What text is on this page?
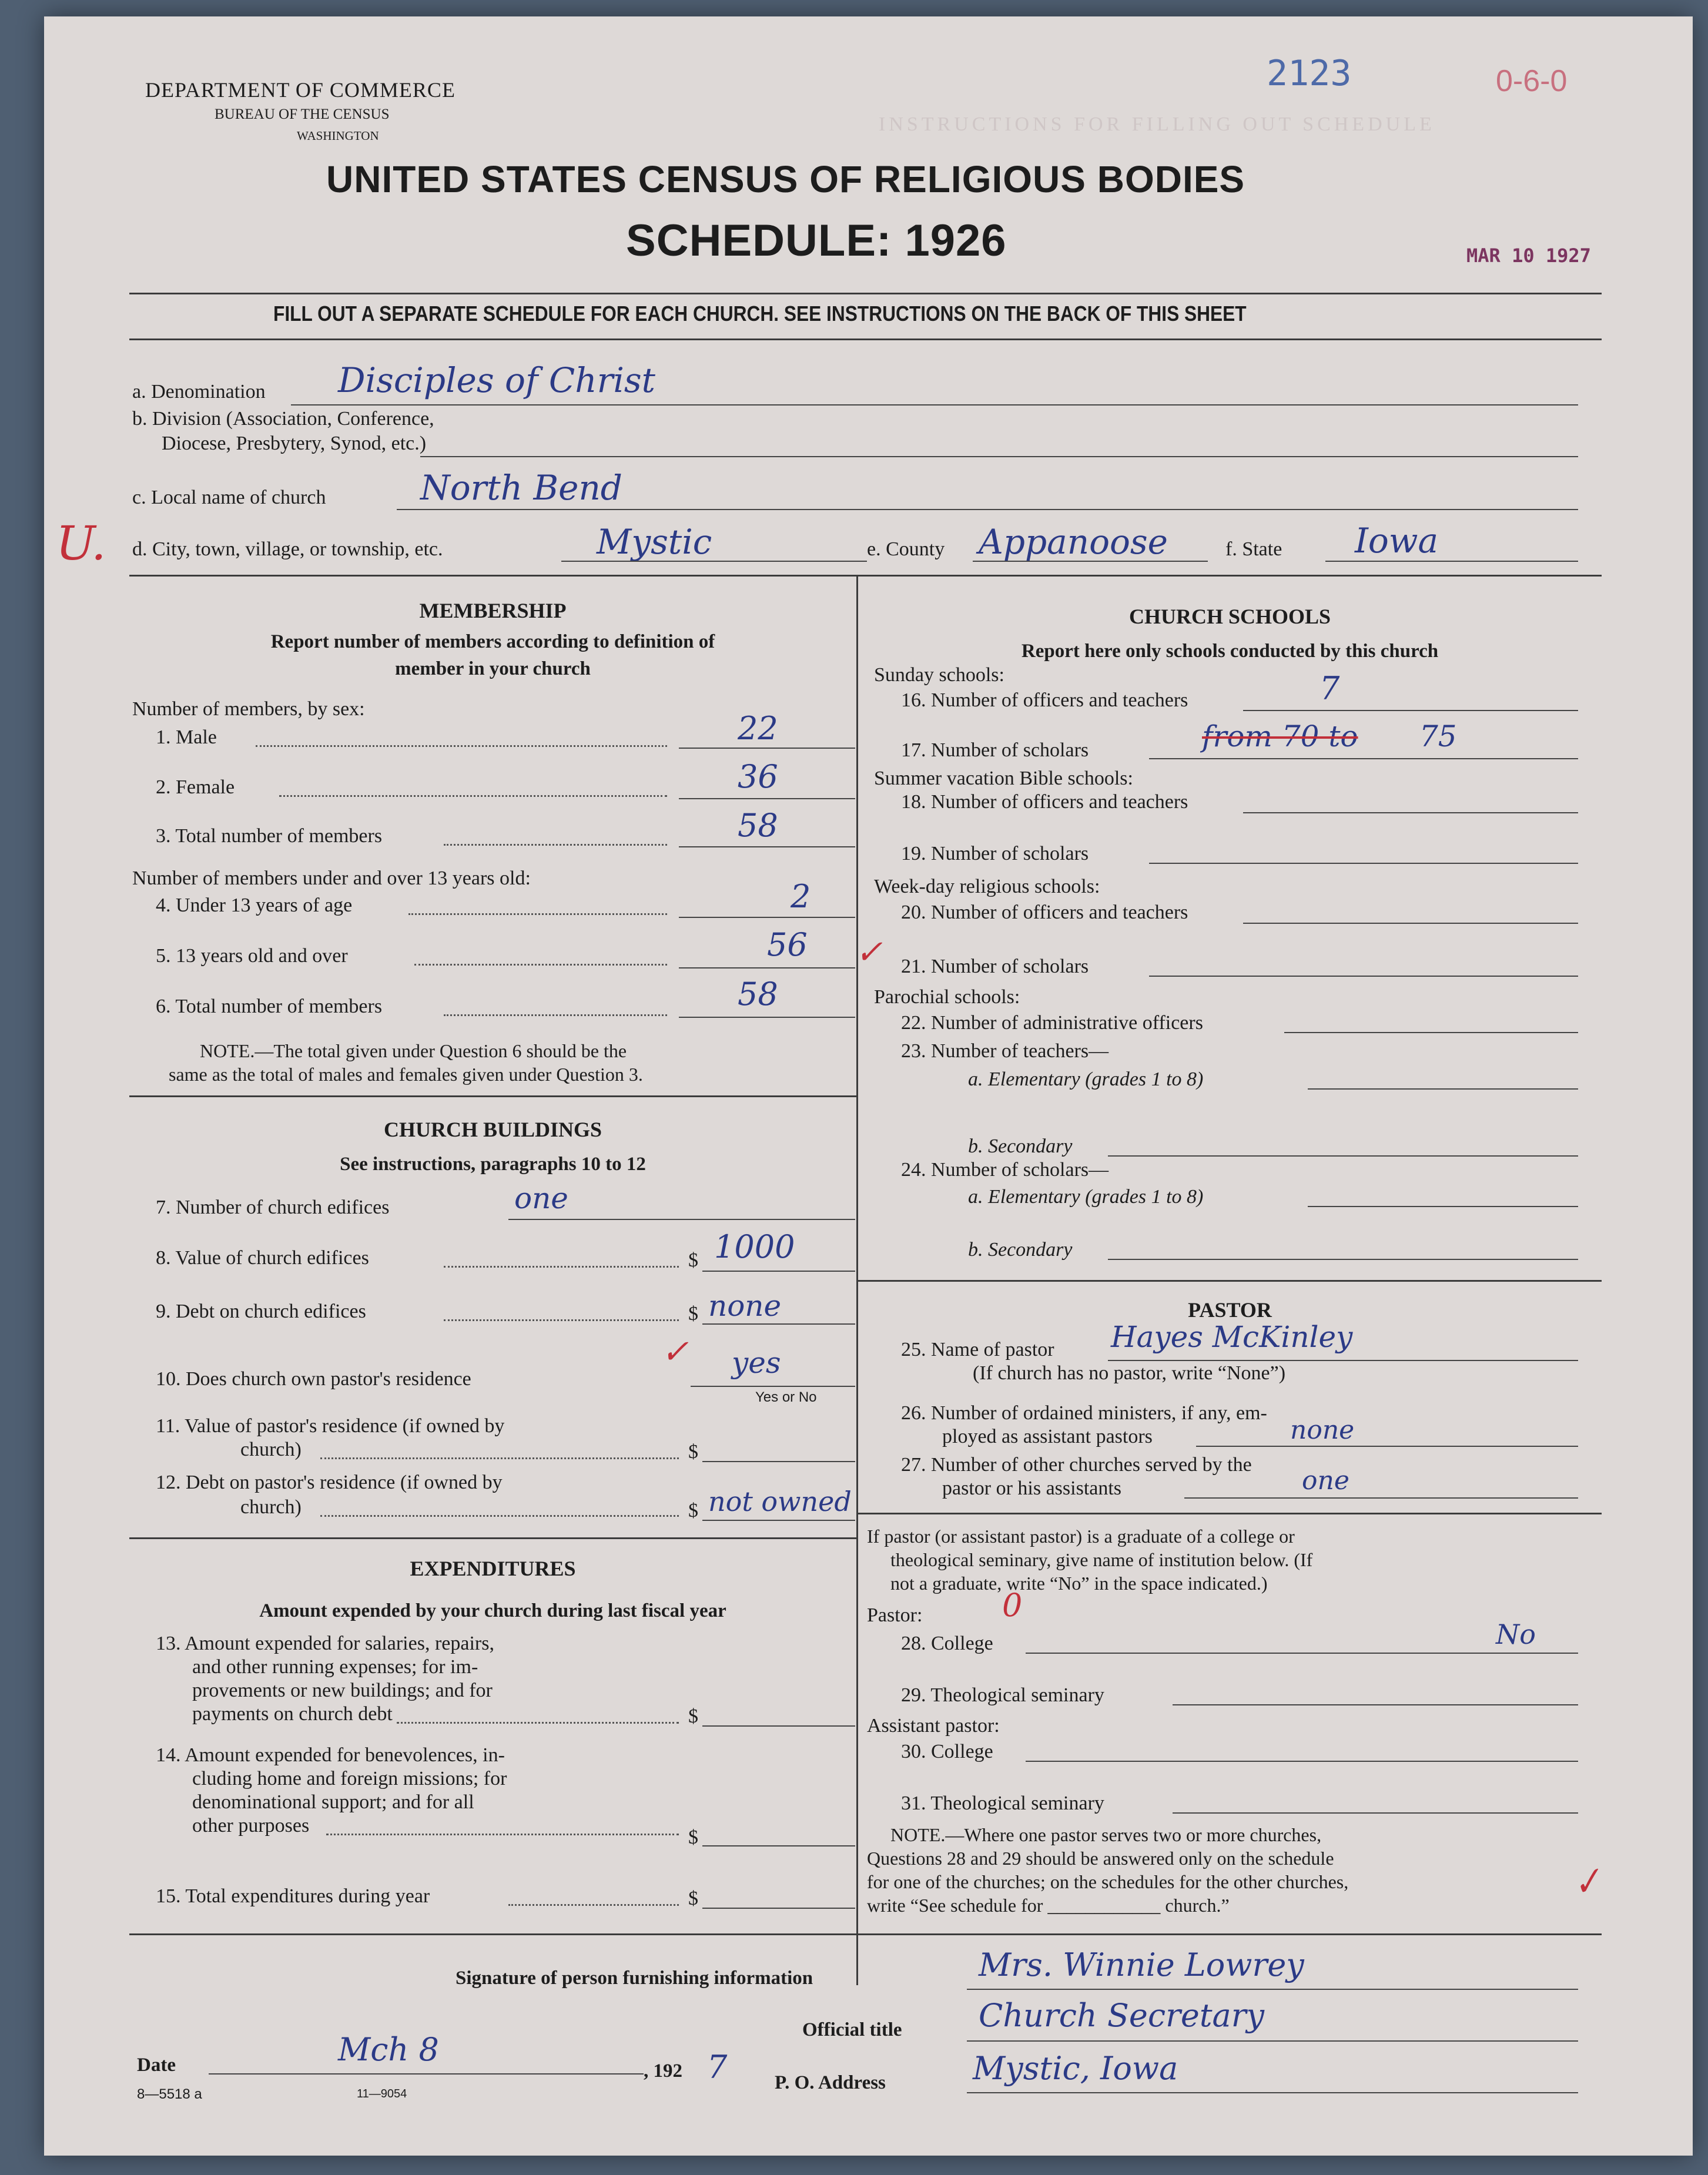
INSTRUCTIONS FOR FILLING OUT SCHEDULE
DEPARTMENT OF COMMERCE
BUREAU OF THE CENSUS
WASHINGTON
2123	0-6-0
UNITED STATES CENSUS OF RELIGIOUS BODIES
SCHEDULE: 1926	MAR 10 1927
FILL OUT A SEPARATE SCHEDULE FOR EACH CHURCH. SEE INSTRUCTIONS ON THE BACK OF THIS SHEET
a. Denomination Disciples of Christ
b. Division (Association, Conference,
Diocese, Presbytery, Synod, etc.)
c. Local name of church	North Bend
U. d. City, town, village, or township, etc.	Mystic	e. County Appanoose	f. State Iowa
MEMBERSHIP
Report number of members according to definition of
member in your church
Number of members, by sex:
1. Male	22
2. Female	36
3. Total number of members	58
Number of members under and over 13 years old:
4. Under 13 years of age	2
5. 13 years old and over	56
6. Total number of members	58
NOTE.—The total given under Question 6 should be the
same as the total of males and females given under Question 3.
CHURCH BUILDINGS
See instructions, paragraphs 10 to 12
7. Number of church edifices	one
8. Value of church edifices	$ 1000
9. Debt on church edifices	$ none
10. Does church own pastor's residence
✓ yes
Yes or No
11. Value of pastor's residence (if owned by
church)	$
12. Debt on pastor's residence (if owned by
church)	$ not owned
EXPENDITURES
Amount expended by your church during last fiscal year
13. Amount expended for salaries, repairs,
and other running expenses; for im-
provements or new buildings; and for
payments on church debt	$
14. Amount expended for benevolences, in-
cluding home and foreign missions; for
denominational support; and for all
other purposes
$
15. Total expenditures during year	$
CHURCH SCHOOLS
Report here only schools conducted by this church
Sunday schools:
16. Number of officers and teachers	7
17. Number of scholars	from 70 to 75
Summer vacation Bible schools:
18. Number of officers and teachers
19. Number of scholars
Week-day religious schools:
20. Number of officers and teachers
✓ 21. Number of scholars
Parochial schools:
22. Number of administrative officers
23. Number of teachers—
a. Elementary (grades 1 to 8)
b. Secondary
24. Number of scholars—
a. Elementary (grades 1 to 8)
b. Secondary
PASTOR
25. Name of pastor Hayes McKinley
(If church has no pastor, write “None”)
26. Number of ordained ministers, if any, em-
ployed as assistant pastors	none
27. Number of other churches served by the
pastor or his assistants	one
If pastor (or assistant pastor) is a graduate of a college or
theological seminary, give name of institution below. (If
not a graduate, write “No” in the space indicated.)
Pastor:	0
28. College	No
29. Theological seminary
Assistant pastor:
30. College
31. Theological seminary
NOTE.—Where one pastor serves two or more churches,
Questions 28 and 29 should be answered only on the schedule
for one of the churches; on the schedules for the other churches,
write “See schedule for ____________ church.”	✓
Signature of person furnishing information	Mrs. Winnie Lowrey
Official title Church Secretary
Date	Mch 8
, 192 7 P. O. Address	Mystic, Iowa
8—5518 a	11—9054
